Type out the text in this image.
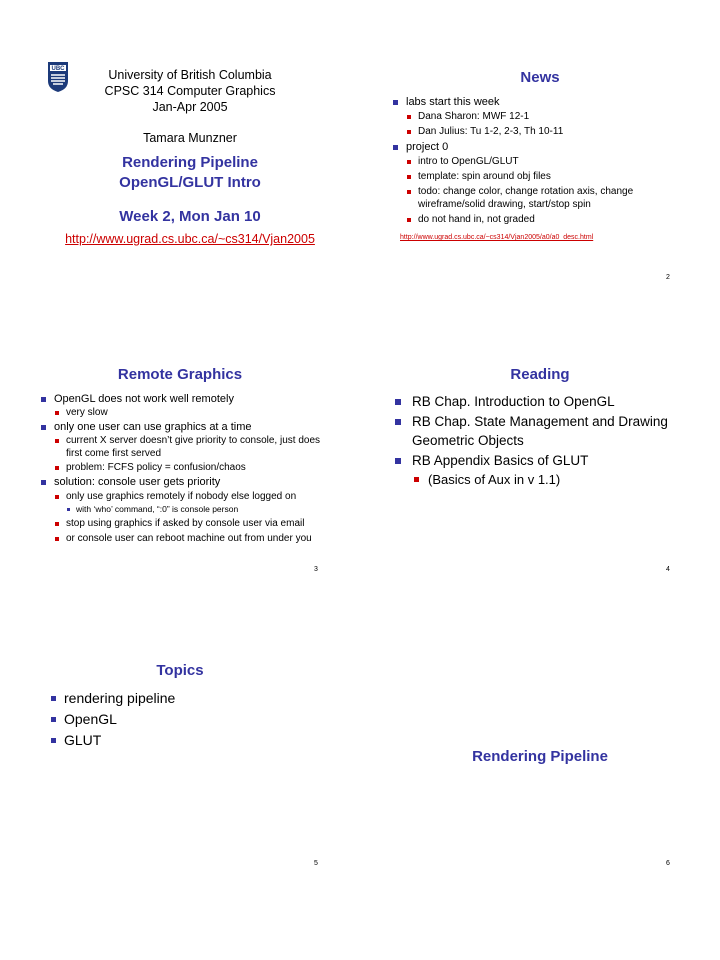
UBC	University of British Columbia
CPSC 314 Computer Graphics
Jan-Apr 2005
Tamara Munzner
Rendering Pipeline
OpenGL/GLUT Intro
Week 2, Mon Jan 10
http://www.ugrad.cs.ubc.ca/~cs314/Vjan2005
News
labs start this week
Dana Sharon: MWF 12-1
Dan Julius: Tu 1-2, 2-3, Th 10-11
project 0
intro to OpenGL/GLUT
template: spin around obj files
todo: change color, change rotation axis, change wireframe/solid drawing, start/stop spin
do not hand in, not graded
http://www.ugrad.cs.ubc.ca/~cs314/Vjan2005/a0/a0_desc.html
2
Remote Graphics
OpenGL does not work well remotely
very slow
only one user can use graphics at a time
current X server doesn’t give priority to console, just does first come first served
problem: FCFS policy = confusion/chaos
solution: console user gets priority
only use graphics remotely if nobody else logged on
with ‘who’ command, “:0” is console person
stop using graphics if asked by console user via email
or console user can reboot machine out from under you
3
Reading
RB Chap. Introduction to OpenGL
RB Chap. State Management and Drawing Geometric Objects
RB Appendix Basics of GLUT
(Basics of Aux in v 1.1)
4
Topics
rendering pipeline
OpenGL
GLUT
5
Rendering Pipeline
6
